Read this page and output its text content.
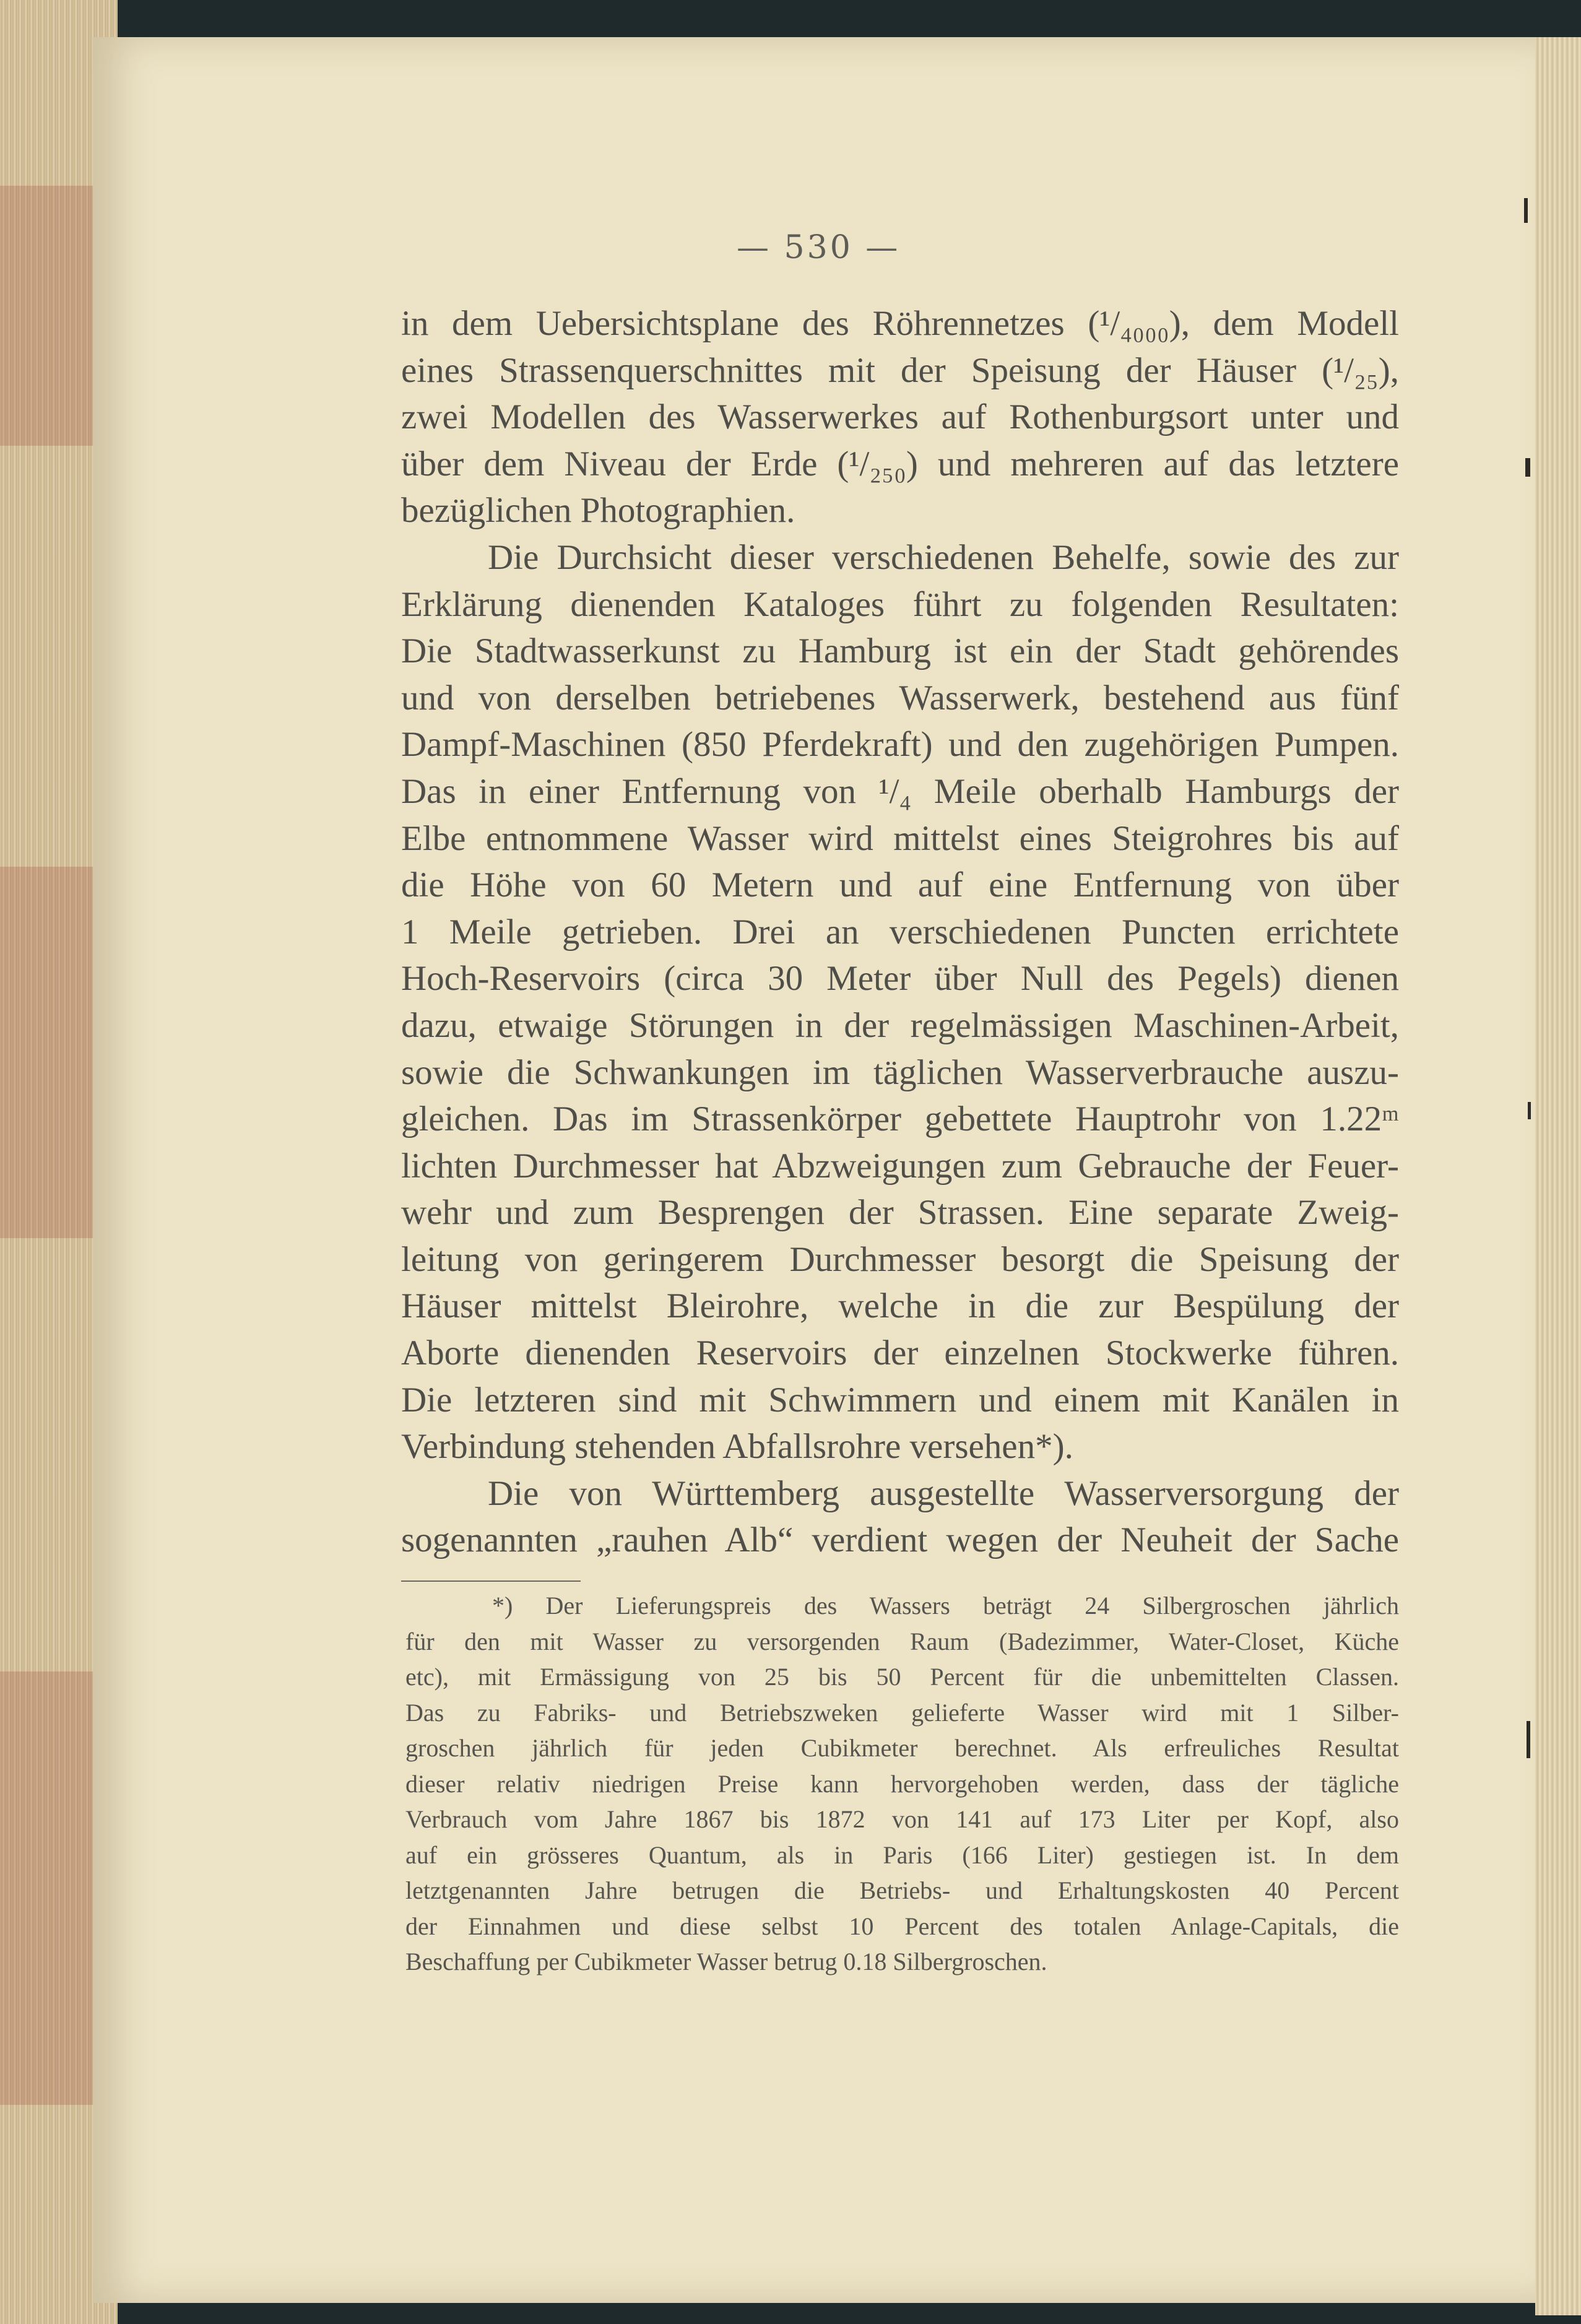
— 530 —
in dem Uebersichtsplane des Röhrennetzes (¹/₄₀₀₀), dem Modell
eines Strassenquerschnittes mit der Speisung der Häuser (¹/₂₅),
zwei Modellen des Wasserwerkes auf Rothenburgsort unter und
über dem Niveau der Erde (¹/₂₅₀) und mehreren auf das letztere
bezüglichen Photographien.
Die Durchsicht dieser verschiedenen Behelfe, sowie des zur
Erklärung dienenden Kataloges führt zu folgenden Resultaten:
Die Stadtwasserkunst zu Hamburg ist ein der Stadt gehörendes
und von derselben betriebenes Wasserwerk, bestehend aus fünf
Dampf-Maschinen (850 Pferdekraft) und den zugehörigen Pumpen.
Das in einer Entfernung von ¹/₄ Meile oberhalb Hamburgs der
Elbe entnommene Wasser wird mittelst eines Steigrohres bis auf
die Höhe von 60 Metern und auf eine Entfernung von über
1 Meile getrieben. Drei an verschiedenen Puncten errichtete
Hoch-Reservoirs (circa 30 Meter über Null des Pegels) dienen
dazu, etwaige Störungen in der regelmässigen Maschinen-Arbeit,
sowie die Schwankungen im täglichen Wasserverbrauche auszu-
gleichen. Das im Strassenkörper gebettete Hauptrohr von 1.22ᵐ
lichten Durchmesser hat Abzweigungen zum Gebrauche der Feuer-
wehr und zum Besprengen der Strassen. Eine separate Zweig-
leitung von geringerem Durchmesser besorgt die Speisung der
Häuser mittelst Bleirohre, welche in die zur Bespülung der
Aborte dienenden Reservoirs der einzelnen Stockwerke führen.
Die letzteren sind mit Schwimmern und einem mit Kanälen in
Verbindung stehenden Abfallsrohre versehen*).
Die von Württemberg ausgestellte Wasserversorgung der
sogenannten „rauhen Alb“ verdient wegen der Neuheit der Sache
*) Der Lieferungspreis des Wassers beträgt 24 Silbergroschen jährlich
für den mit Wasser zu versorgenden Raum (Badezimmer, Water-Closet, Küche
etc), mit Ermässigung von 25 bis 50 Percent für die unbemittelten Classen.
Das zu Fabriks- und Betriebszweken gelieferte Wasser wird mit 1 Silber-
groschen jährlich für jeden Cubikmeter berechnet. Als erfreuliches Resultat
dieser relativ niedrigen Preise kann hervorgehoben werden, dass der tägliche
Verbrauch vom Jahre 1867 bis 1872 von 141 auf 173 Liter per Kopf, also
auf ein grösseres Quantum, als in Paris (166 Liter) gestiegen ist. In dem
letztgenannten Jahre betrugen die Betriebs- und Erhaltungskosten 40 Percent
der Einnahmen und diese selbst 10 Percent des totalen Anlage-Capitals, die
Beschaffung per Cubikmeter Wasser betrug 0.18 Silbergroschen.
